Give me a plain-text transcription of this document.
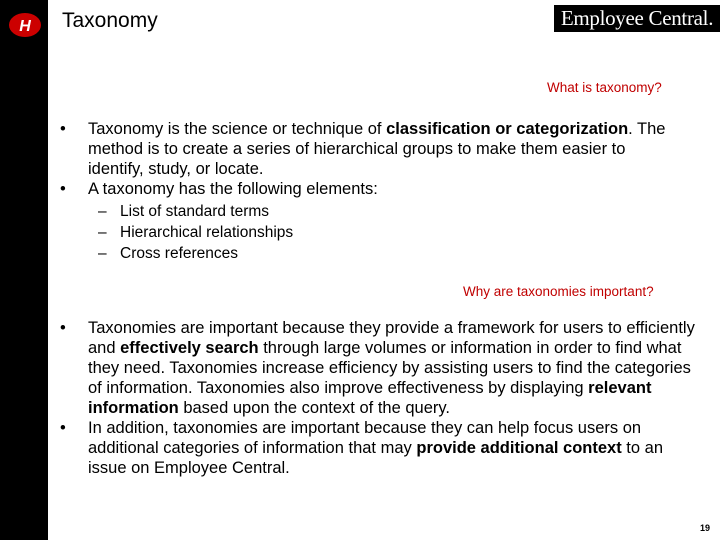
H Taxonomy	Employee Central.
What is taxonomy?
• Taxonomy is the science or technique of classification or categorization. The method is to create a series of hierarchical groups to make them easier to identify, study, or locate.
• A taxonomy has the following elements:
– List of standard terms
– Hierarchical relationships
– Cross references
Why are taxonomies important?
• Taxonomies are important because they provide a framework for users to efficiently and effectively search through large volumes or information in order to find what they need. Taxonomies increase efficiency by assisting users to find the categories of information. Taxonomies also improve effectiveness by displaying relevant information based upon the context of the query.
• In addition, taxonomies are important because they can help focus users on additional categories of information that may provide additional context to an issue on Employee Central.
19
